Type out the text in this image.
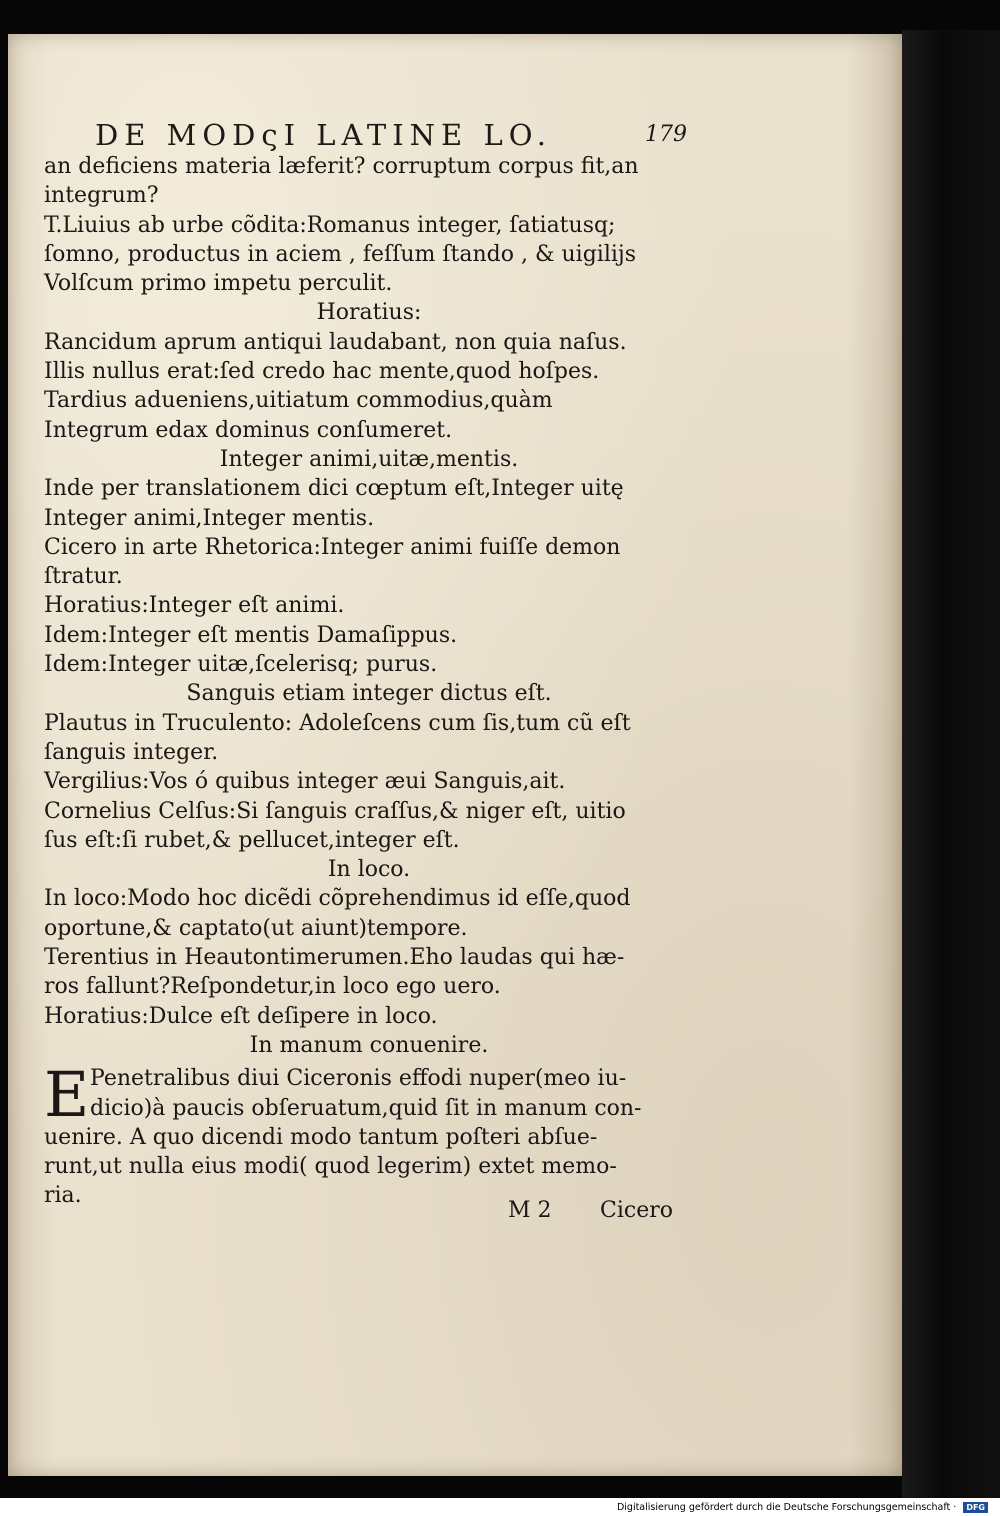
DE MODςI LATINE LO.	179
an deficiens materia læferit? corruptum corpus fit,an
integrum?
T.Liuius ab urbe cõdita:Romanus integer, ſatiatusq;
ſomno, productus in aciem , feſſum ſtando , & uigilijs
Volſcum primo impetu perculit.
Horatius:
Rancidum aprum antiqui laudabant, non quia naſus.
Illis nullus erat:ſed credo hac mente,quod hoſpes.
Tardius adueniens,uitiatum commodius,quàm
Integrum edax dominus conſumeret.
Integer animi,uitæ,mentis.
Inde per translationem dici cœptum eſt,Integer uitę
Integer animi,Integer mentis.
Cicero in arte Rhetorica:Integer animi fuiſſe demon
ſtratur.
Horatius:Integer eſt animi.
Idem:Integer eſt mentis Damaſippus.
Idem:Integer uitæ,ſcelerisq; purus.
Sanguis etiam integer dictus eſt.
Plautus in Truculento: Adoleſcens cum ſis,tum cũ eſt
ſanguis integer.
Vergilius:Vos ó quibus integer æui Sanguis,ait.
Cornelius Celſus:Si ſanguis craſſus,& niger eſt, uitio
ſus eſt:ſi rubet,& pellucet,integer eſt.
In loco.
In loco:Modo hoc dicẽdi cõprehendimus id eſſe,quod
oportune,& captato(ut aiunt)tempore.
Terentius in Heautontimerumen.Eho laudas qui hæ-
ros fallunt?Reſpondetur,in loco ego uero.
Horatius:Dulce eſt deſipere in loco.
In manum conuenire.
E Penetralibus diui Ciceronis effodi nuper(meo iu-
dicio)à paucis obſeruatum,quid ſit in manum con-
uenire. A quo dicendi modo tantum poſteri abſue-
runt,ut nulla eius modi( quod legerim) extet memo-
ria.
M 2 Cicero
Digitalisierung gefördert durch die Deutsche Forschungsgemeinschaft · DFG
